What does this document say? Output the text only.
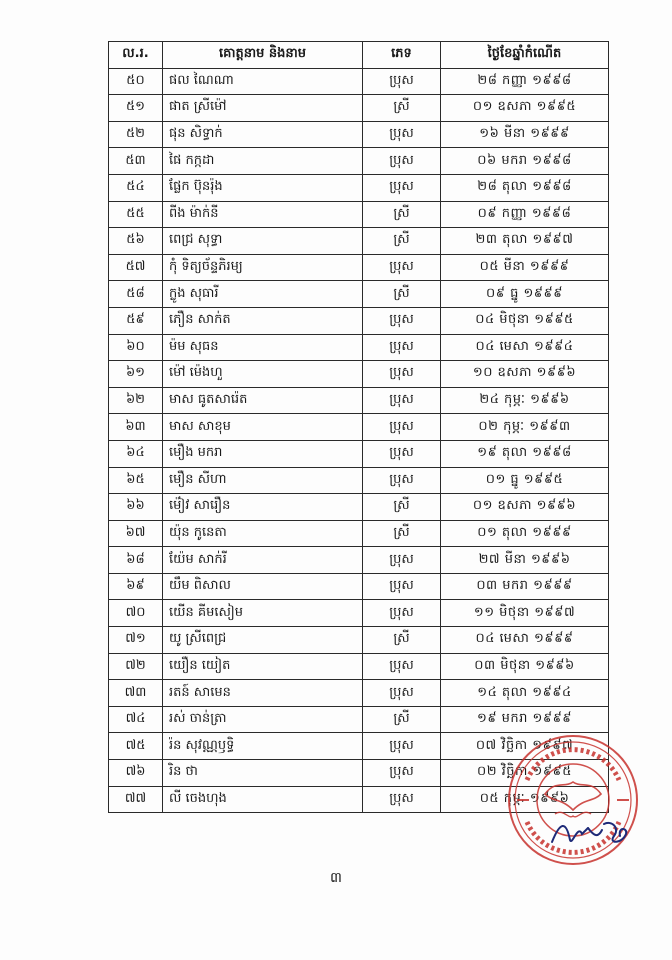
ល.រ.	គោត្តនាម និងនាម	ភេទ	ថ្ងៃខែឆ្នាំកំណើត
៥០	ផល ណៃណា	ប្រុស	២៨ កញ្ញា ១៩៩៨
៥១	ផាត ស្រីម៉ៅ	ស្រី	០១ ឧសភា ១៩៩៥
៥២	ផុន សិទ្ធាក់	ប្រុស	១៦ មីនា ១៩៩៩
៥៣	ផៃ កក្កដា	ប្រុស	០៦ មករា ១៩៩៨
៥៤	ផ្លែក ប៊ុនរ៉ុង	ប្រុស	២៨ តុលា ១៩៩៨
៥៥	ពីង ម៉ាក់នី	ស្រី	០៩ កញ្ញា ១៩៩៨
៥៦	ពេជ្រ សុទ្ធា	ស្រី	២៣ តុលា ១៩៩៧
៥៧	កុំ ទិត្យច័ន្ទភិរម្យ	ប្រុស	០៥ មីនា ១៩៩៩
៥៨	ក្លូង សុធារី	ស្រី	០៩ ធ្នូ ១៩៩៩
៥៩	ភឿន សាក់ត	ប្រុស	០៤ មិថុនា ១៩៩៥
៦០	ម៉ម សុធន	ប្រុស	០៤ មេសា ១៩៩៤
៦១	ម៉ៅ ម៉េងហួ	ប្រុស	១០ ឧសភា ១៩៩៦
៦២	មាស ធូតសារ៉េត	ប្រុស	២៤ កុម្ភៈ ១៩៩៦
៦៣	មាស សាខុម	ប្រុស	០២ កុម្ភៈ ១៩៩៣
៦៤	មឿង មករា	ប្រុស	១៩ តុលា ១៩៩៨
៦៥	មឿន សីហា	ប្រុស	០១ ធ្នូ ១៩៩៥
៦៦	ម៉ៀវ សារឿន	ស្រី	០១ ឧសភា ១៩៩៦
៦៧	យ៉ុន កូនេតា	ស្រី	០១ តុលា ១៩៩៩
៦៨	យ៉ែម សាក់រី	ប្រុស	២៧ មីនា ១៩៩៦
៦៩	យឹម ពិសាល	ប្រុស	០៣ មករា ១៩៩៩
៧០	យើន គីមសៀម	ប្រុស	១១ មិថុនា ១៩៩៧
៧១	យូ ស្រីពេជ្រ	ស្រី	០៤ មេសា ១៩៩៩
៧២	យឿន យៀត	ប្រុស	០៣ មិថុនា ១៩៩៦
៧៣	រតន៍ សាមេន	ប្រុស	១៤ តុលា ១៩៩៤
៧៤	រស់ ចាន់ត្រា	ស្រី	១៩ មករា ១៩៩៩
៧៥	រ៉ន សុវណ្ណឫទ្ធិ	ប្រុស	០៧ វិច្ឆិកា ១៩៩៧
៧៦	រិន ថា	ប្រុស	០២ វិច្ឆិកា ១៩៩៥
៧៧	លី ចេងហុង	ប្រុស	០៥ កុម្ភៈ ១៩៩៦
៣
